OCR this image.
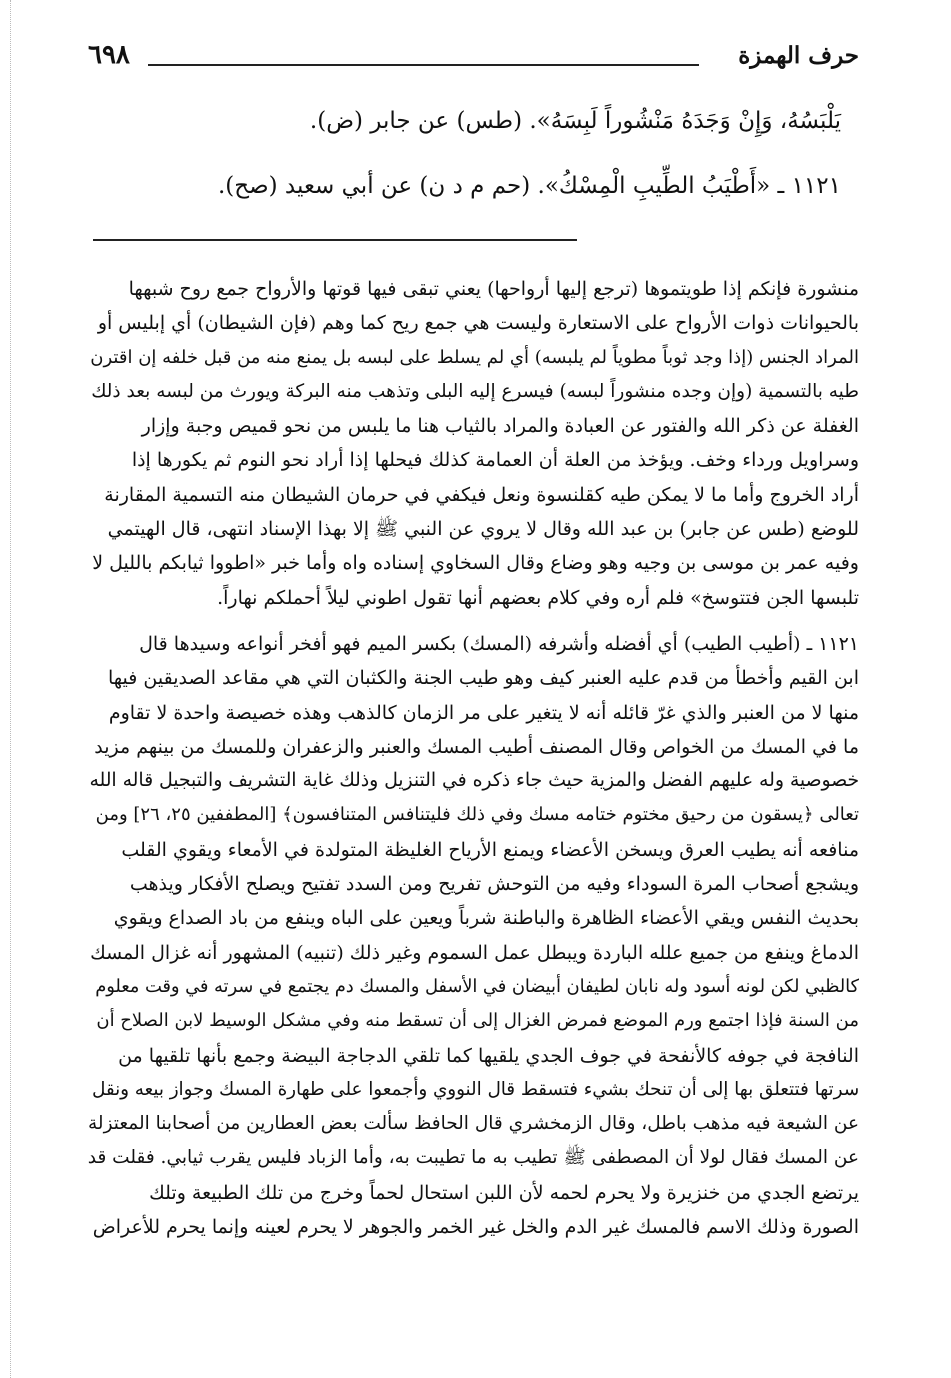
٦٩٨	حرف الهمزة

يَلْبَسُهُ، وَإِنْ وَجَدَهُ مَنْشُوراً لَبِسَهُ». (طس) عن جابر (ض).

١١٢١ ـ «أَطْيَبُ الطِّيبِ الْمِسْكُ». (حم م د ن) عن أبي سعيد (صح).

منشورة فإنكم إذا طويتموها (ترجع إليها أرواحها) يعني تبقى فيها قوتها والأرواح جمع روح شبهها
بالحيوانات ذوات الأرواح على الاستعارة وليست هي جمع ريح كما وهم (فإن الشيطان) أي إبليس أو
المراد الجنس (إذا وجد ثوباً مطوياً لم يلبسه) أي لم يسلط على لبسه بل يمنع منه من قبل خلفه إن اقترن
طيه بالتسمية (وإن وجده منشوراً لبسه) فيسرع إليه البلى وتذهب منه البركة ويورث من لبسه بعد ذلك
الغفلة عن ذكر الله والفتور عن العبادة والمراد بالثياب هنا ما يلبس من نحو قميص وجبة وإزار
وسراويل ورداء وخف. ويؤخذ من العلة أن العمامة كذلك فيحلها إذا أراد نحو النوم ثم يكورها إذا
أراد الخروج وأما ما لا يمكن طيه كقلنسوة ونعل فيكفي في حرمان الشيطان منه التسمية المقارنة
للوضع (طس عن جابر) بن عبد الله وقال لا يروي عن النبي ﷺ إلا بهذا الإسناد انتهى، قال الهيتمي
وفيه عمر بن موسى بن وجيه وهو وضاع وقال السخاوي إسناده واه وأما خبر «اطووا ثيابكم بالليل لا
تلبسها الجن فتتوسخ» فلم أره وفي كلام بعضهم أنها تقول اطوني ليلاً أحملكم نهاراً.

١١٢١ ـ (أطيب الطيب) أي أفضله وأشرفه (المسك) بكسر الميم فهو أفخر أنواعه وسيدها قال
ابن القيم وأخطأ من قدم عليه العنبر كيف وهو طيب الجنة والكثبان التي هي مقاعد الصديقين فيها
منها لا من العنبر والذي غرّ قائله أنه لا يتغير على مر الزمان كالذهب وهذه خصيصة واحدة لا تقاوم
ما في المسك من الخواص وقال المصنف أطيب المسك والعنبر والزعفران وللمسك من بينهم مزيد
خصوصية وله عليهم الفضل والمزية حيث جاء ذكره في التنزيل وذلك غاية التشريف والتبجيل قاله الله
تعالى ﴿يسقون من رحيق مختوم ختامه مسك وفي ذلك فليتنافس المتنافسون﴾ [المطففين ٢٥، ٢٦] ومن
منافعه أنه يطيب العرق ويسخن الأعضاء ويمنع الأرياح الغليظة المتولدة في الأمعاء ويقوي القلب
ويشجع أصحاب المرة السوداء وفيه من التوحش تفريح ومن السدد تفتيح ويصلح الأفكار ويذهب
بحديث النفس ويقي الأعضاء الظاهرة والباطنة شرباً ويعين على الباه وينفع من باد الصداع ويقوي
الدماغ وينفع من جميع علله الباردة ويبطل عمل السموم وغير ذلك (تنبيه) المشهور أنه غزال المسك
كالظبي لكن لونه أسود وله نابان لطيفان أبيضان في الأسفل والمسك دم يجتمع في سرته في وقت معلوم
من السنة فإذا اجتمع ورم الموضع فمرض الغزال إلى أن تسقط منه وفي مشكل الوسيط لابن الصلاح أن
النافجة في جوفه كالأنفحة في جوف الجدي يلقيها كما تلقي الدجاجة البيضة وجمع بأنها تلقيها من
سرتها فتتعلق بها إلى أن تنحك بشيء فتسقط قال النووي وأجمعوا على طهارة المسك وجواز بيعه ونقل
عن الشيعة فيه مذهب باطل، وقال الزمخشري قال الحافظ سألت بعض العطارين من أصحابنا المعتزلة
عن المسك فقال لولا أن المصطفى ﷺ تطيب به ما تطيبت به، وأما الزباد فليس يقرب ثيابي. فقلت قد
يرتضع الجدي من خنزيرة ولا يحرم لحمه لأن اللبن استحال لحماً وخرج من تلك الطبيعة وتلك
الصورة وذلك الاسم فالمسك غير الدم والخل غير الخمر والجوهر لا يحرم لعينه وإنما يحرم للأعراض
